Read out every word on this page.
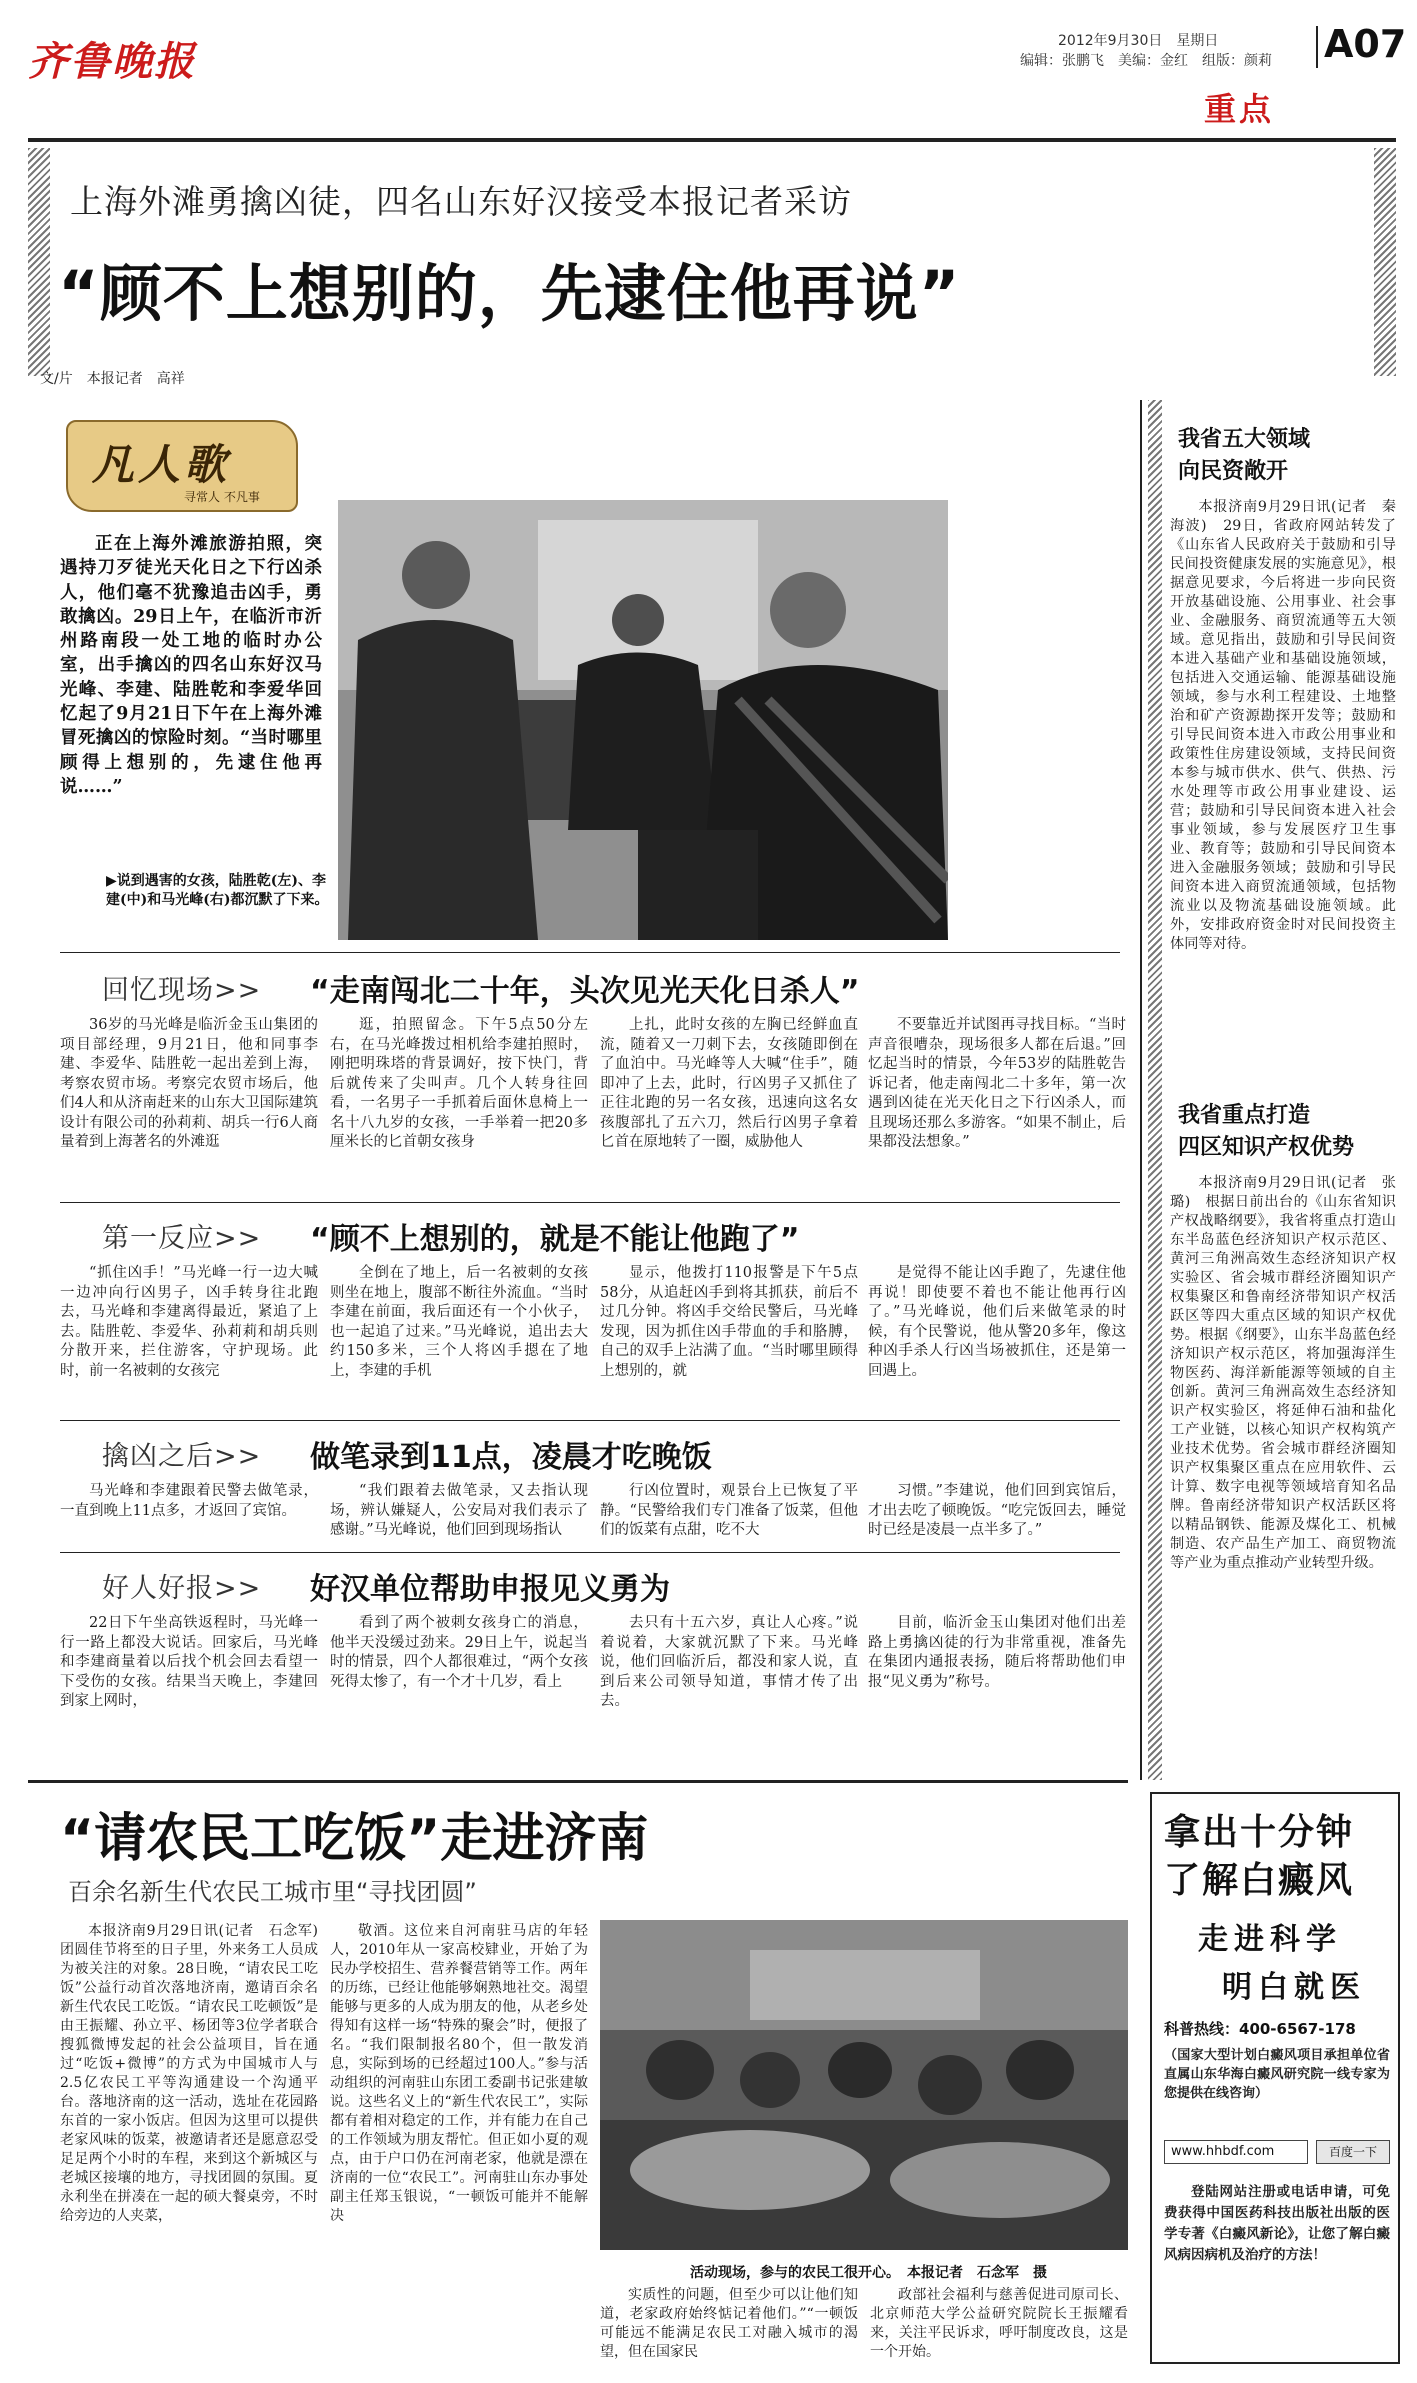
齐鲁晚报	2012年9月30日　星期日
编辑：张鹏飞　美编：金红　组版：颜莉 A07
重点
上海外滩勇擒凶徒，四名山东好汉接受本报记者采访
“顾不上想别的，先逮住他再说”
文/片　本报记者　高祥
凡人歌
寻常人 不凡事
正在上海外滩旅游拍照，突遇持刀歹徒光天化日之下行凶杀人，他们毫不犹豫追击凶手，勇敢擒凶。29日上午，在临沂市沂州路南段一处工地的临时办公室，出手擒凶的四名山东好汉马光峰、李建、陆胜乾和李爱华回忆起了9月21日下午在上海外滩冒死擒凶的惊险时刻。“当时哪里顾得上想别的，先逮住他再说……”
▶说到遇害的女孩，陆胜乾(左)、李建(中)和马光峰(右)都沉默了下来。
回忆现场>> “走南闯北二十年，头次见光天化日杀人”
36岁的马光峰是临沂金玉山集团的项目部经理，9月21日，他和同事李建、李爱华、陆胜乾一起出差到上海，考察农贸市场。考察完农贸市场后，他们4人和从济南赶来的山东大卫国际建筑设计有限公司的孙莉莉、胡兵一行6人商量着到上海著名的外滩逛
逛，拍照留念。下午5点50分左右，在马光峰拨过相机给李建拍照时，刚把明珠塔的背景调好，按下快门，背后就传来了尖叫声。几个人转身往回看，一名男子一手抓着后面休息椅上一名十八九岁的女孩，一手举着一把20多厘米长的匕首朝女孩身
上扎，此时女孩的左胸已经鲜血直流，随着又一刀刺下去，女孩随即倒在了血泊中。马光峰等人大喊“住手”，随即冲了上去，此时，行凶男子又抓住了正往北跑的另一名女孩，迅速向这名女孩腹部扎了五六刀，然后行凶男子拿着匕首在原地转了一圈，威胁他人
不要靠近并试图再寻找目标。“当时声音很嘈杂，现场很多人都在后退。”回忆起当时的情景，今年53岁的陆胜乾告诉记者，他走南闯北二十多年，第一次遇到凶徒在光天化日之下行凶杀人，而且现场还那么多游客。“如果不制止，后果都没法想象。”
第一反应>> “顾不上想别的，就是不能让他跑了”
“抓住凶手！”马光峰一行一边大喊一边冲向行凶男子，凶手转身往北跑去，马光峰和李建离得最近，紧追了上去。陆胜乾、李爱华、孙莉莉和胡兵则分散开来，拦住游客，守护现场。此时，前一名被刺的女孩完
全倒在了地上，后一名被刺的女孩则坐在地上，腹部不断往外流血。“当时李建在前面，我后面还有一个小伙子，也一起追了过来。”马光峰说，追出去大约150多米，三个人将凶手摁在了地上，李建的手机
显示，他拨打110报警是下午5点58分，从追赶凶手到将其抓获，前后不过几分钟。将凶手交给民警后，马光峰发现，因为抓住凶手带血的手和胳膊，自己的双手上沾满了血。“当时哪里顾得上想别的，就
是觉得不能让凶手跑了，先逮住他再说！即使要不着也不能让他再行凶了。”马光峰说，他们后来做笔录的时候，有个民警说，他从警20多年，像这种凶手杀人行凶当场被抓住，还是第一回遇上。
擒凶之后>> 做笔录到11点，凌晨才吃晚饭
马光峰和李建跟着民警去做笔录，一直到晚上11点多，才返回了宾馆。
“我们跟着去做笔录，又去指认现场，辨认嫌疑人，公安局对我们表示了感谢。”马光峰说，他们回到现场指认
行凶位置时，观景台上已恢复了平静。“民警给我们专门准备了饭菜，但他们的饭菜有点甜，吃不大
习惯。”李建说，他们回到宾馆后，才出去吃了顿晚饭。“吃完饭回去，睡觉时已经是凌晨一点半多了。”
好人好报>> 好汉单位帮助申报见义勇为
22日下午坐高铁返程时，马光峰一行一路上都没大说话。回家后，马光峰和李建商量着以后找个机会回去看望一下受伤的女孩。结果当天晚上，李建回到家上网时，
看到了两个被刺女孩身亡的消息，他半天没缓过劲来。29日上午，说起当时的情景，四个人都很难过，“两个女孩死得太惨了，有一个才十几岁，看上
去只有十五六岁，真让人心疼。”说着说着，大家就沉默了下来。马光峰说，他们回临沂后，都没和家人说，直到后来公司领导知道，事情才传了出去。
目前，临沂金玉山集团对他们出差路上勇擒凶徒的行为非常重视，准备先在集团内通报表扬，随后将帮助他们申报“见义勇为”称号。
我省五大领域
向民资敞开
本报济南9月29日讯(记者　秦海波)　29日，省政府网站转发了《山东省人民政府关于鼓励和引导民间投资健康发展的实施意见》，根据意见要求，今后将进一步向民资开放基础设施、公用事业、社会事业、金融服务、商贸流通等五大领域。意见指出，鼓励和引导民间资本进入基础产业和基础设施领域，包括进入交通运输、能源基础设施领域，参与水利工程建设、土地整治和矿产资源勘探开发等；鼓励和引导民间资本进入市政公用事业和政策性住房建设领域，支持民间资本参与城市供水、供气、供热、污水处理等市政公用事业建设、运营；鼓励和引导民间资本进入社会事业领域，参与发展医疗卫生事业、教育等；鼓励和引导民间资本进入金融服务领域；鼓励和引导民间资本进入商贸流通领域，包括物流业以及物流基础设施领域。此外，安排政府资金时对民间投资主体同等对待。
我省重点打造
四区知识产权优势
本报济南9月29日讯(记者　张璐)　根据日前出台的《山东省知识产权战略纲要》，我省将重点打造山东半岛蓝色经济知识产权示范区、黄河三角洲高效生态经济知识产权实验区、省会城市群经济圈知识产权集聚区和鲁南经济带知识产权活跃区等四大重点区域的知识产权优势。根据《纲要》，山东半岛蓝色经济知识产权示范区，将加强海洋生物医药、海洋新能源等领域的自主创新。黄河三角洲高效生态经济知识产权实验区，将延伸石油和盐化工产业链，以核心知识产权构筑产业技术优势。省会城市群经济圈知识产权集聚区重点在应用软件、云计算、数字电视等领域培育知名品牌。鲁南经济带知识产权活跃区将以精品钢铁、能源及煤化工、机械制造、农产品生产加工、商贸物流等产业为重点推动产业转型升级。
“请农民工吃饭”走进济南
百余名新生代农民工城市里“寻找团圆”
本报济南9月29日讯(记者　石念军)　团圆佳节将至的日子里，外来务工人员成为被关注的对象。28日晚，“请农民工吃饭”公益行动首次落地济南，邀请百余名新生代农民工吃饭。“请农民工吃顿饭”是由王振耀、孙立平、杨团等3位学者联合搜狐微博发起的社会公益项目，旨在通过“吃饭+微博”的方式为中国城市人与2.5亿农民工平等沟通建设一个沟通平台。落地济南的这一活动，选址在花园路东首的一家小饭店。但因为这里可以提供老家风味的饭菜，被邀请者还是愿意忍受足足两个小时的车程，来到这个新城区与老城区接壤的地方，寻找团圆的氛围。夏永利坐在拼凑在一起的硕大餐桌旁，不时给旁边的人夹菜，
敬酒。这位来自河南驻马店的年轻人，2010年从一家高校肄业，开始了为民办学校招生、营养餐营销等工作。两年的历练，已经让他能够娴熟地社交。渴望能够与更多的人成为朋友的他，从老乡处得知有这样一场“特殊的聚会”时，便报了名。“我们限制报名80个，但一散发消息，实际到场的已经超过100人。”参与活动组织的河南驻山东团工委副书记张建敏说。这些名义上的“新生代农民工”，实际都有着相对稳定的工作，并有能力在自己的工作领域为朋友帮忙。但正如小夏的观点，由于户口仍在河南老家，他就是漂在济南的一位“农民工”。河南驻山东办事处副主任郑玉银说，“一顿饭可能并不能解决
活动现场，参与的农民工很开心。　本报记者　石念军　摄
实质性的问题，但至少可以让他们知道，老家政府始终惦记着他们。”“一顿饭可能远不能满足农民工对融入城市的渴望，但在国家民
政部社会福利与慈善促进司原司长、北京师范大学公益研究院院长王振耀看来，关注平民诉求，呼吁制度改良，这是一个开始。
拿出十分钟
了解白癜风
走进科学
明白就医
科普热线：400-6567-178
（国家大型计划白癜风项目承担单位省直属山东华海白癜风研究院一线专家为您提供在线咨询）
www.hhbdf.com	百度一下
登陆网站注册或电话申请，可免费获得中国医药科技出版社出版的医学专著《白癜风新论》，让您了解白癜风病因病机及治疗的方法！
